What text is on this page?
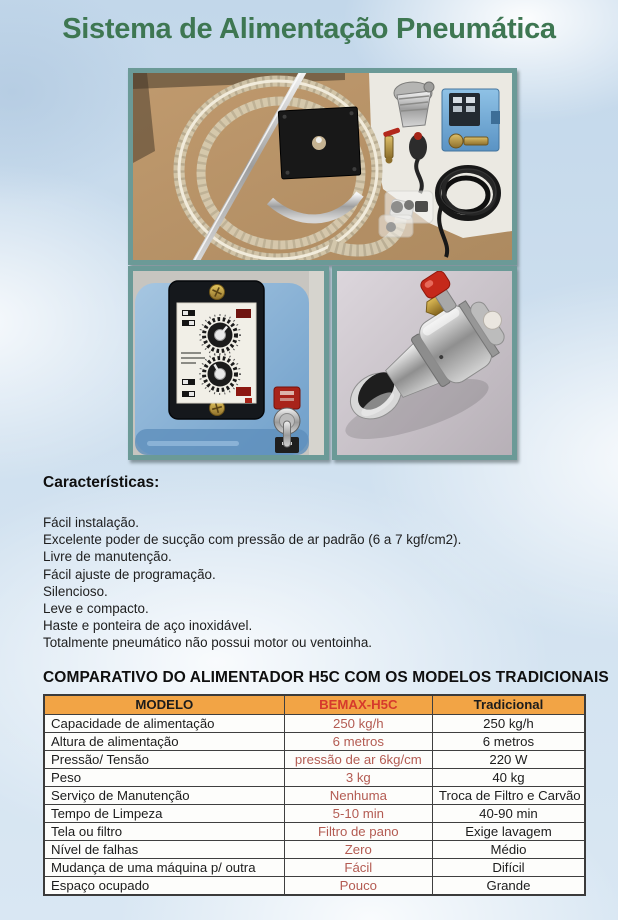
Sistema de Alimentação Pneumática
Características:
Fácil instalação.
Excelente poder de sucção com pressão de ar padrão (6 a 7 kgf/cm2).
Livre de manutenção.
Fácil ajuste de programação.
Silencioso.
Leve e compacto.
Haste e ponteira de aço inoxidável.
Totalmente pneumático não possui motor ou ventoinha.
COMPARATIVO DO ALIMENTADOR H5C COM OS MODELOS TRADICIONAIS
MODELO	BEMAX-H5C	Tradicional
Capacidade de alimentação	250 kg/h	250 kg/h
Altura de alimentação	6 metros	6 metros
Pressão/ Tensão	pressão de ar 6kg/cm	220 W
Peso	3 kg	40 kg
Serviço de Manutenção	Nenhuma	Troca de Filtro e Carvão
Tempo de Limpeza	5-10 min	40-90 min
Tela ou filtro	Filtro de pano	Exige lavagem
Nível de falhas	Zero	Médio
Mudança de uma máquina p/ outra	Fácil	Difícil
Espaço ocupado	Pouco	Grande
